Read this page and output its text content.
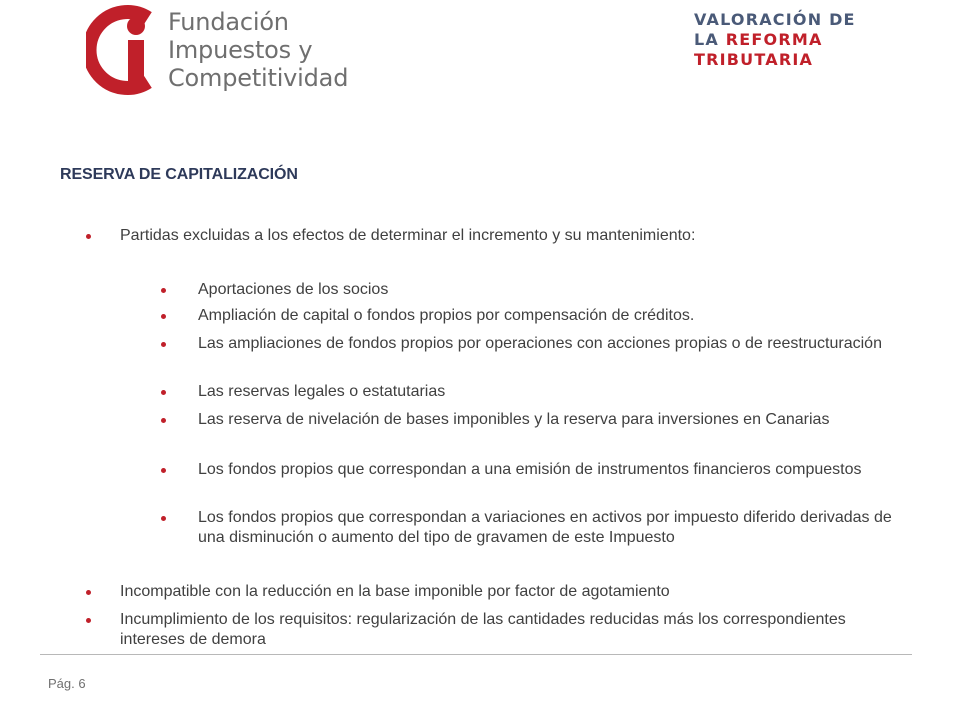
Fundación
Impuestos y
Competitividad
VALORACIÓN DE
LA REFORMA
TRIBUTARIA
RESERVA DE CAPITALIZACIÓN
Partidas excluidas a los efectos de determinar el incremento y su mantenimiento:
Aportaciones de los socios
Ampliación de capital o fondos propios por compensación de créditos.
Las ampliaciones de fondos propios por operaciones con acciones propias o de reestructuración
Las reservas legales o estatutarias
Las reserva de nivelación de bases imponibles y la reserva para inversiones en Canarias
Los fondos propios que correspondan a una emisión de instrumentos financieros compuestos
Los fondos propios que correspondan a variaciones en activos por impuesto diferido derivadas de una disminución o aumento del tipo de gravamen de este Impuesto
Incompatible con la reducción en la base imponible por factor de agotamiento
Incumplimiento de los requisitos: regularización de las cantidades reducidas más los correspondientes intereses de demora
Pág. 6
